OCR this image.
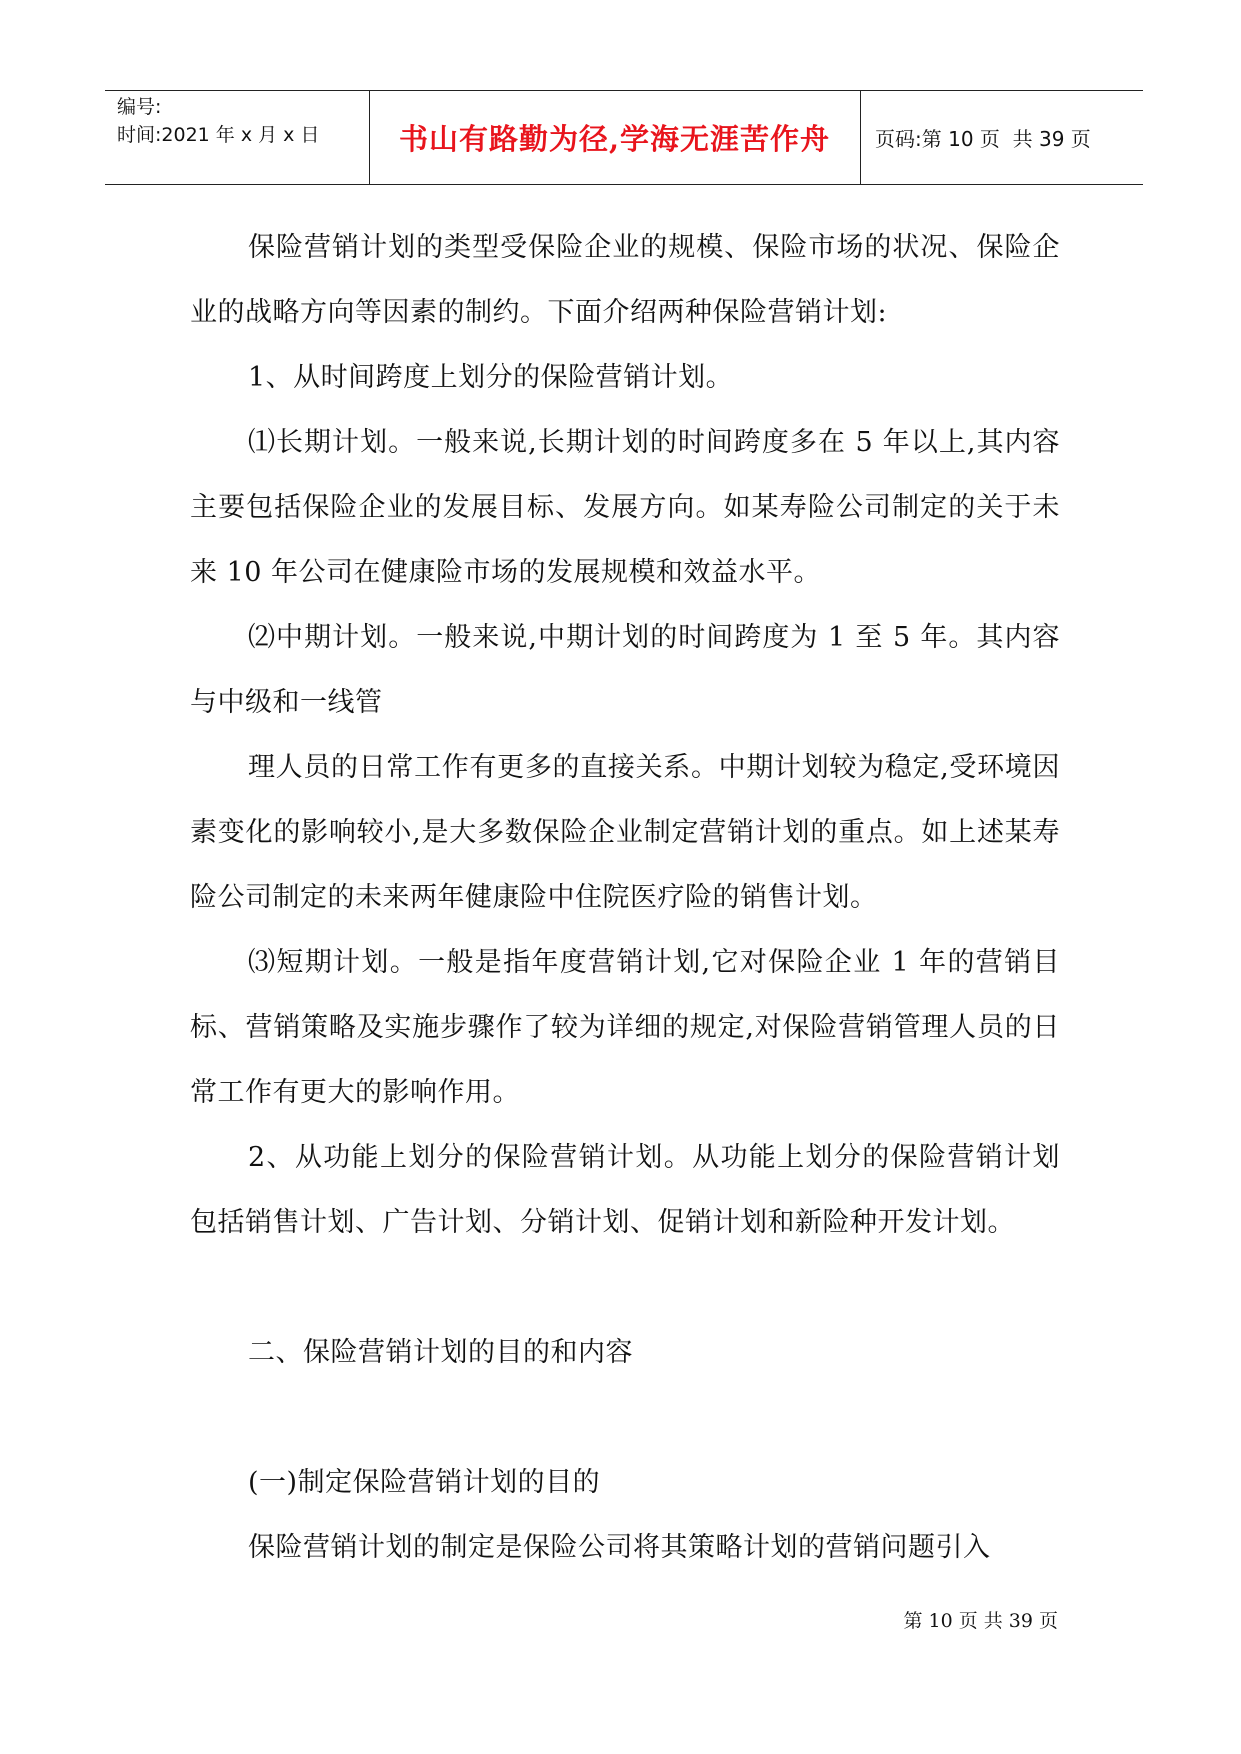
编号:
时间:2021 年 x 月 x 日	书山有路勤为径,学海无涯苦作舟	页码:第 10 页  共 39 页

保险营销计划的类型受保险企业的规模、保险市场的状况、保险企业的战略方向等因素的制约。下面介绍两种保险营销计划:

1、从时间跨度上划分的保险营销计划。

⑴长期计划。一般来说,长期计划的时间跨度多在 5 年以上,其内容主要包括保险企业的发展目标、发展方向。如某寿险公司制定的关于未来 10 年公司在健康险市场的发展规模和效益水平。

⑵中期计划。一般来说,中期计划的时间跨度为 1 至 5 年。其内容与中级和一线管

理人员的日常工作有更多的直接关系。中期计划较为稳定,受环境因素变化的影响较小,是大多数保险企业制定营销计划的重点。如上述某寿险公司制定的未来两年健康险中住院医疗险的销售计划。

⑶短期计划。一般是指年度营销计划,它对保险企业 1 年的营销目标、营销策略及实施步骤作了较为详细的规定,对保险营销管理人员的日常工作有更大的影响作用。

2、从功能上划分的保险营销计划。从功能上划分的保险营销计划包括销售计划、广告计划、分销计划、促销计划和新险种开发计划。

二、保险营销计划的目的和内容

(一)制定保险营销计划的目的

保险营销计划的制定是保险公司将其策略计划的营销问题引入

第 10 页 共 39 页
